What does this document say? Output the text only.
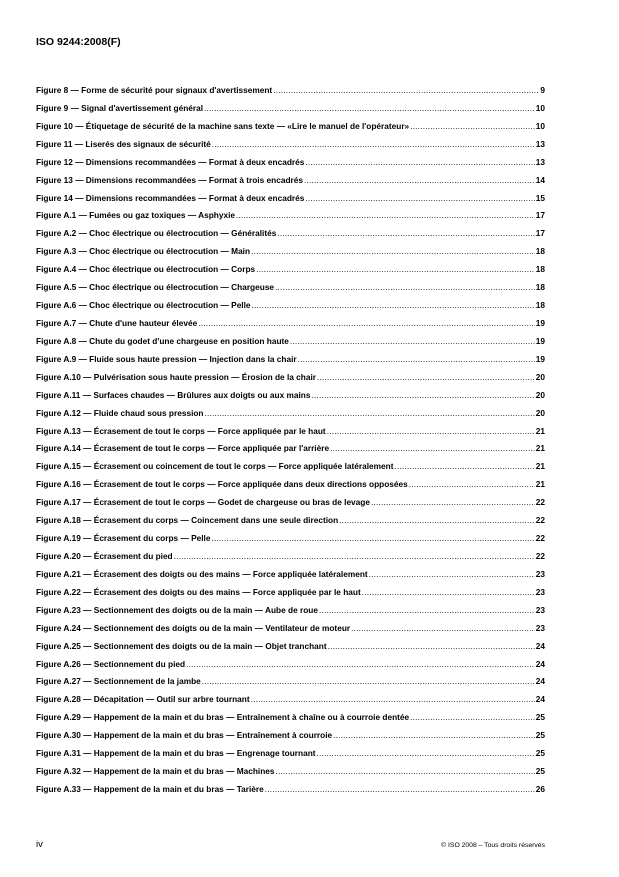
ISO 9244:2008(F)
Figure 8 — Forme de sécurité pour signaux d'avertissement .....	9
Figure 9 — Signal d'avertissement général .....	10
Figure 10 — Étiquetage de sécurité de la machine sans texte — «Lire le manuel de l'opérateur» .....	10
Figure 11 — Liserés des signaux de sécurité .....	13
Figure 12 — Dimensions recommandées — Format à deux encadrés .....	13
Figure 13 — Dimensions recommandées — Format à trois encadrés .....	14
Figure 14 — Dimensions recommandées — Format à deux encadrés .....	15
Figure A.1 — Fumées ou gaz toxiques — Asphyxie .....	17
Figure A.2 — Choc électrique ou électrocution — Généralités .....	17
Figure A.3 — Choc électrique ou électrocution — Main .....	18
Figure A.4 — Choc électrique ou électrocution — Corps .....	18
Figure A.5 — Choc électrique ou électrocution — Chargeuse .....	18
Figure A.6 — Choc électrique ou électrocution — Pelle .....	18
Figure A.7 — Chute d'une hauteur élevée .....	19
Figure A.8 — Chute du godet d'une chargeuse en position haute .....	19
Figure A.9 — Fluide sous haute pression — Injection dans la chair .....	19
Figure A.10 — Pulvérisation sous haute pression — Érosion de la chair .....	20
Figure A.11 — Surfaces chaudes — Brûlures aux doigts ou aux mains .....	20
Figure A.12 — Fluide chaud sous pression .....	20
Figure A.13 — Écrasement de tout le corps — Force appliquée par le haut .....	21
Figure A.14 — Écrasement de tout le corps — Force appliquée par l'arrière .....	21
Figure A.15 — Écrasement ou coincement de tout le corps — Force appliquée latéralement .....	21
Figure A.16 — Écrasement de tout le corps — Force appliquée dans deux directions opposées .....	21
Figure A.17 — Écrasement de tout le corps — Godet de chargeuse ou bras de levage .....	22
Figure A.18 — Écrasement du corps — Coincement dans une seule direction .....	22
Figure A.19 — Écrasement du corps — Pelle .....	22
Figure A.20 — Écrasement du pied .....	22
Figure A.21 — Écrasement des doigts ou des mains — Force appliquée latéralement .....	23
Figure A.22 — Écrasement des doigts ou des mains — Force appliquée par le haut .....	23
Figure A.23 — Sectionnement des doigts ou de la main — Aube de roue .....	23
Figure A.24 — Sectionnement des doigts ou de la main — Ventilateur de moteur .....	23
Figure A.25 — Sectionnement des doigts ou de la main — Objet tranchant .....	24
Figure A.26 — Sectionnement du pied .....	24
Figure A.27 — Sectionnement de la jambe .....	24
Figure A.28 — Décapitation — Outil sur arbre tournant .....	24
Figure A.29 — Happement de la main et du bras — Entraînement à chaîne ou à courroie dentée .....	25
Figure A.30 — Happement de la main et du bras — Entraînement à courroie .....	25
Figure A.31 — Happement de la main et du bras — Engrenage tournant .....	25
Figure A.32 — Happement de la main et du bras — Machines .....	25
Figure A.33 — Happement de la main et du bras — Tarière .....	26
iv	© ISO 2008 – Tous droits réservés
